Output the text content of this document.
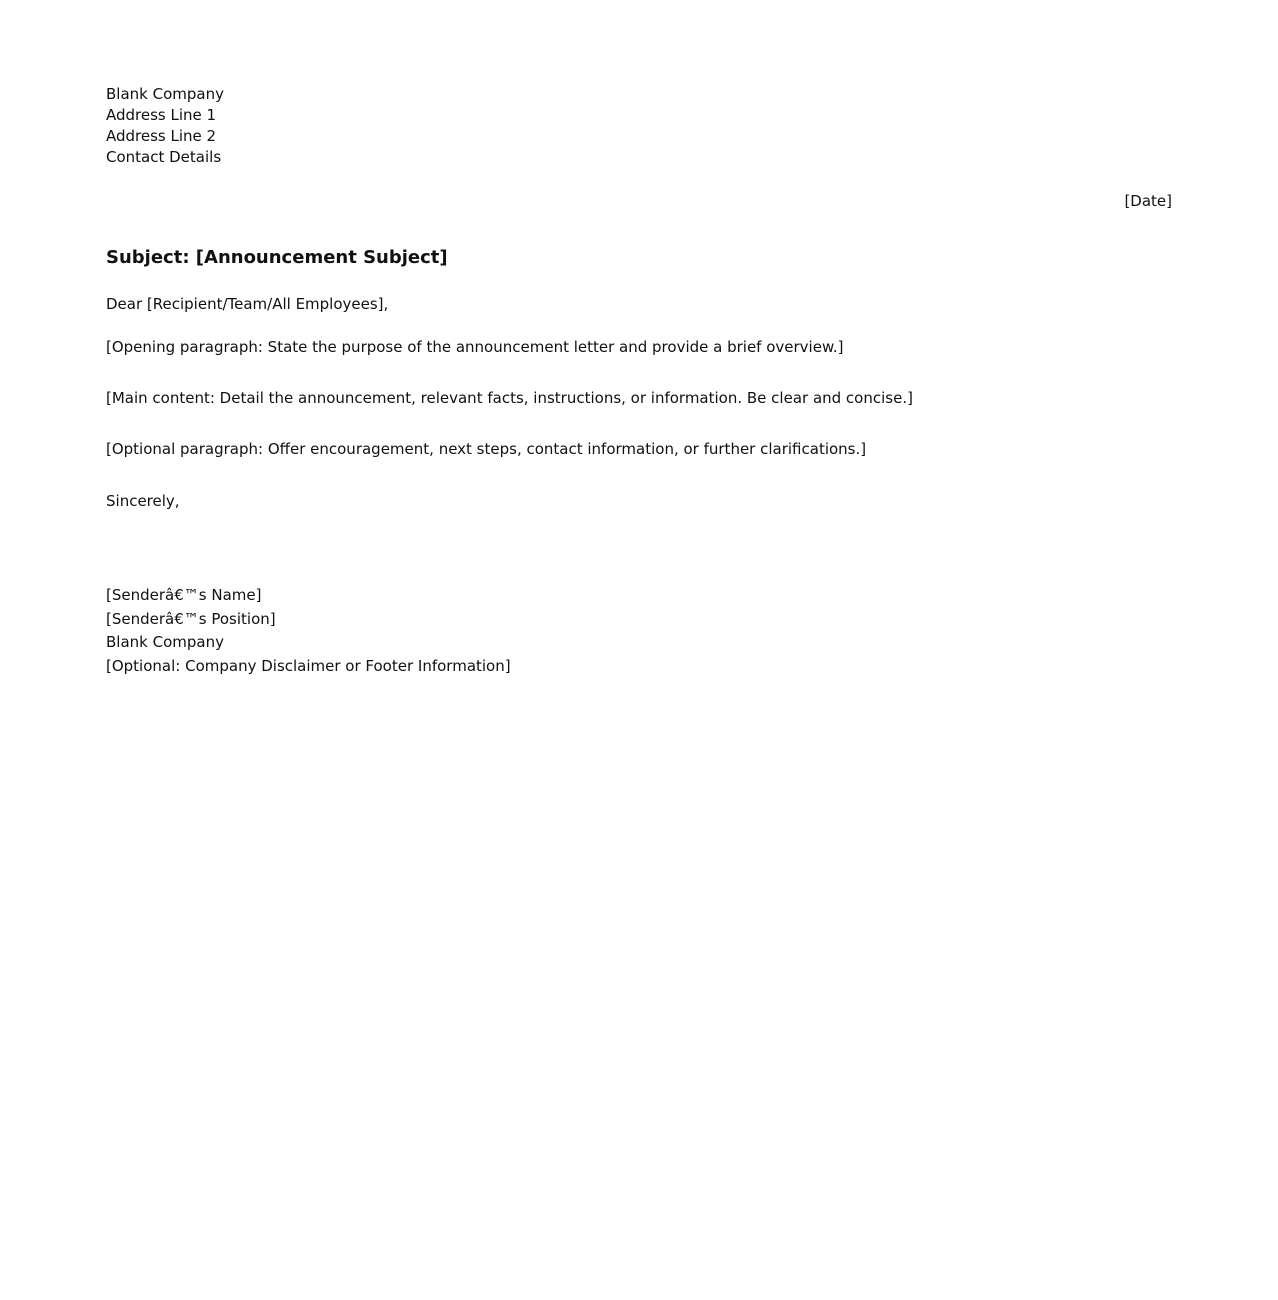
Blank Company
Address Line 1
Address Line 2
Contact Details
[Date]
Subject: [Announcement Subject]
Dear [Recipient/Team/All Employees],
[Opening paragraph: State the purpose of the announcement letter and provide a brief overview.]
[Main content: Detail the announcement, relevant facts, instructions, or information. Be clear and concise.]
[Optional paragraph: Offer encouragement, next steps, contact information, or further clarifications.]
Sincerely,
[Senderâ€™s Name]
[Senderâ€™s Position]
Blank Company
[Optional: Company Disclaimer or Footer Information]
